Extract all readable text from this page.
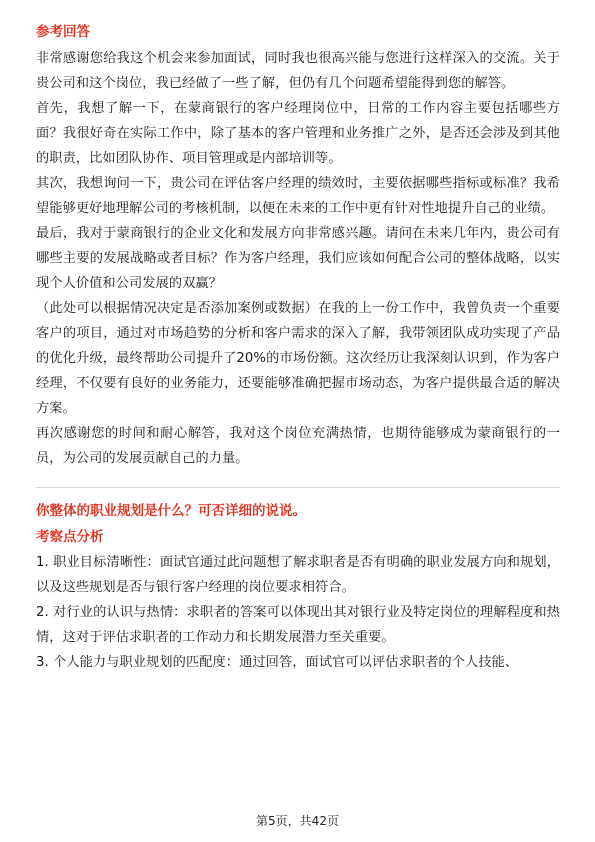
参考回答

非常感谢您给我这个机会来参加面试，同时我也很高兴能与您进行这样深入的交流。关于贵公司和这个岗位，我已经做了一些了解，但仍有几个问题希望能得到您的解答。

首先，我想了解一下，在蒙商银行的客户经理岗位中，日常的工作内容主要包括哪些方面？我很好奇在实际工作中，除了基本的客户管理和业务推广之外，是否还会涉及到其他的职责，比如团队协作、项目管理或是内部培训等。

其次，我想询问一下，贵公司在评估客户经理的绩效时，主要依据哪些指标或标准？我希望能够更好地理解公司的考核机制，以便在未来的工作中更有针对性地提升自己的业绩。

最后，我对于蒙商银行的企业文化和发展方向非常感兴趣。请问在未来几年内，贵公司有哪些主要的发展战略或者目标？作为客户经理，我们应该如何配合公司的整体战略，以实现个人价值和公司发展的双赢？

（此处可以根据情况决定是否添加案例或数据）在我的上一份工作中，我曾负责一个重要客户的项目，通过对市场趋势的分析和客户需求的深入了解，我带领团队成功实现了产品的优化升级，最终帮助公司提升了20%的市场份额。这次经历让我深刻认识到，作为客户经理，不仅要有良好的业务能力，还要能够准确把握市场动态，为客户提供最合适的解决方案。

再次感谢您的时间和耐心解答，我对这个岗位充满热情，也期待能够成为蒙商银行的一员，为公司的发展贡献自己的力量。

你整体的职业规划是什么？可否详细的说说。
考察点分析

1. 职业目标清晰性：面试官通过此问题想了解求职者是否有明确的职业发展方向和规划，以及这些规划是否与银行客户经理的岗位要求相符合。

2. 对行业的认识与热情：求职者的答案可以体现出其对银行业及特定岗位的理解程度和热情，这对于评估求职者的工作动力和长期发展潜力至关重要。

3. 个人能力与职业规划的匹配度：通过回答，面试官可以评估求职者的个人技能、

第5页，共42页
